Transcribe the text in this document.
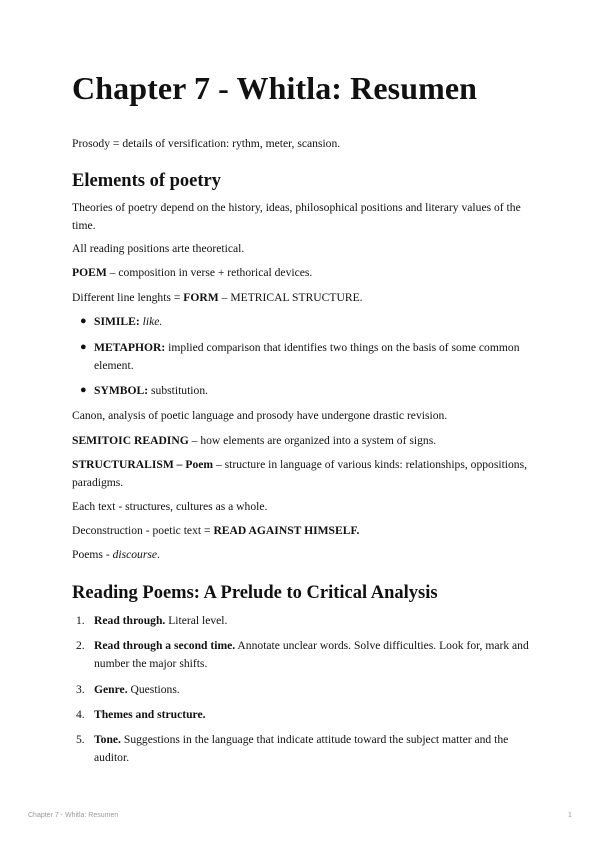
Chapter 7 - Whitla: Resumen

Prosody = details of versification: rythm, meter, scansion.

Elements of poetry

Theories of poetry depend on the history, ideas, philosophical positions and literary values of the time.

All reading positions arte theoretical.

POEM – composition in verse + rethorical devices.

Different line lenghts = FORM – METRICAL STRUCTURE.

● SIMILE: like.
● METAPHOR: implied comparison that identifies two things on the basis of some common element.
● SYMBOL: substitution.

Canon, analysis of poetic language and prosody have undergone drastic revision.

SEMITOIC READING – how elements are organized into a system of signs.

STRUCTURALISM – Poem – structure in language of various kinds: relationships, oppositions, paradigms.

Each text - structures, cultures as a whole.

Deconstruction - poetic text = READ AGAINST HIMSELF.

Poems - discourse.

Reading Poems: A Prelude to Critical Analysis
1. Read through. Literal level.
2. Read through a second time. Annotate unclear words. Solve difficulties. Look for, mark and number the major shifts.
3. Genre. Questions.
4. Themes and structure.
5. Tone. Suggestions in the language that indicate attitude toward the subject matter and the auditor.
Chapter 7 - Whitla: Resumen	1
